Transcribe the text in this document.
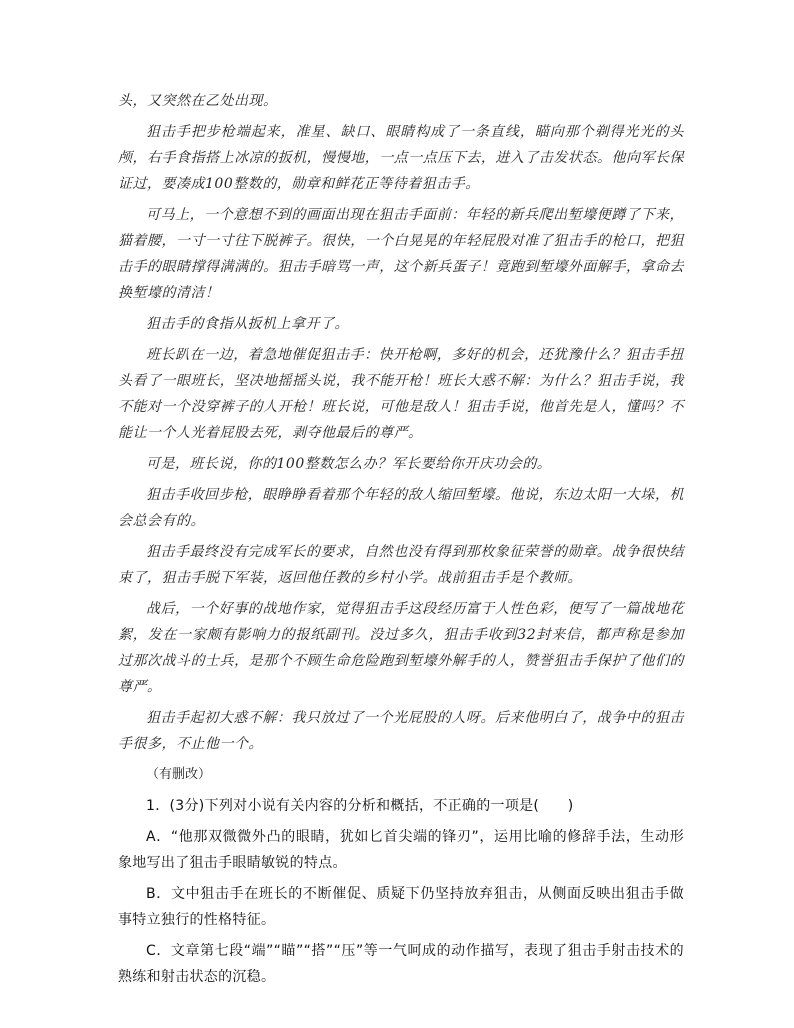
头，又突然在乙处出现。

狙击手把步枪端起来，准星、缺口、眼睛构成了一条直线，瞄向那个剃得光光的头颅，右手食指搭上冰凉的扳机，慢慢地，一点一点压下去，进入了击发状态。他向军长保证过，要凑成100整数的，勋章和鲜花正等待着狙击手。

可马上，一个意想不到的画面出现在狙击手面前：年轻的新兵爬出堑壕便蹲了下来，猫着腰，一寸一寸往下脱裤子。很快，一个白晃晃的年轻屁股对准了狙击手的枪口，把狙击手的眼睛撑得满满的。狙击手暗骂一声，这个新兵蛋子！竟跑到堑壕外面解手，拿命去换堑壕的清洁！

狙击手的食指从扳机上拿开了。

班长趴在一边，着急地催促狙击手：快开枪啊，多好的机会，还犹豫什么？狙击手扭头看了一眼班长，坚决地摇摇头说，我不能开枪！班长大惑不解：为什么？狙击手说，我不能对一个没穿裤子的人开枪！班长说，可他是敌人！狙击手说，他首先是人，懂吗？不能让一个人光着屁股去死，剥夺他最后的尊严。

可是，班长说，你的100整数怎么办？军长要给你开庆功会的。

狙击手收回步枪，眼睁睁看着那个年轻的敌人缩回堑壕。他说，东边太阳一大垛，机会总会有的。

狙击手最终没有完成军长的要求，自然也没有得到那枚象征荣誉的勋章。战争很快结束了，狙击手脱下军装，返回他任教的乡村小学。战前狙击手是个教师。

战后，一个好事的战地作家，觉得狙击手这段经历富于人性色彩，便写了一篇战地花絮，发在一家颇有影响力的报纸副刊。没过多久，狙击手收到32封来信，都声称是参加过那次战斗的士兵，是那个不顾生命危险跑到堑壕外解手的人，赞誉狙击手保护了他们的尊严。

狙击手起初大惑不解：我只放过了一个光屁股的人呀。后来他明白了，战争中的狙击手很多，不止他一个。

（有删改）

1．(3分)下列对小说有关内容的分析和概括，不正确的一项是(　　)

A．“他那双微微外凸的眼睛，犹如匕首尖端的锋刃”，运用比喻的修辞手法，生动形象地写出了狙击手眼睛敏锐的特点。

B．文中狙击手在班长的不断催促、质疑下仍坚持放弃狙击，从侧面反映出狙击手做事特立独行的性格特征。

C．文章第七段“端”“瞄”“搭”“压”等一气呵成的动作描写，表现了狙击手射击技术的熟练和射击状态的沉稳。
